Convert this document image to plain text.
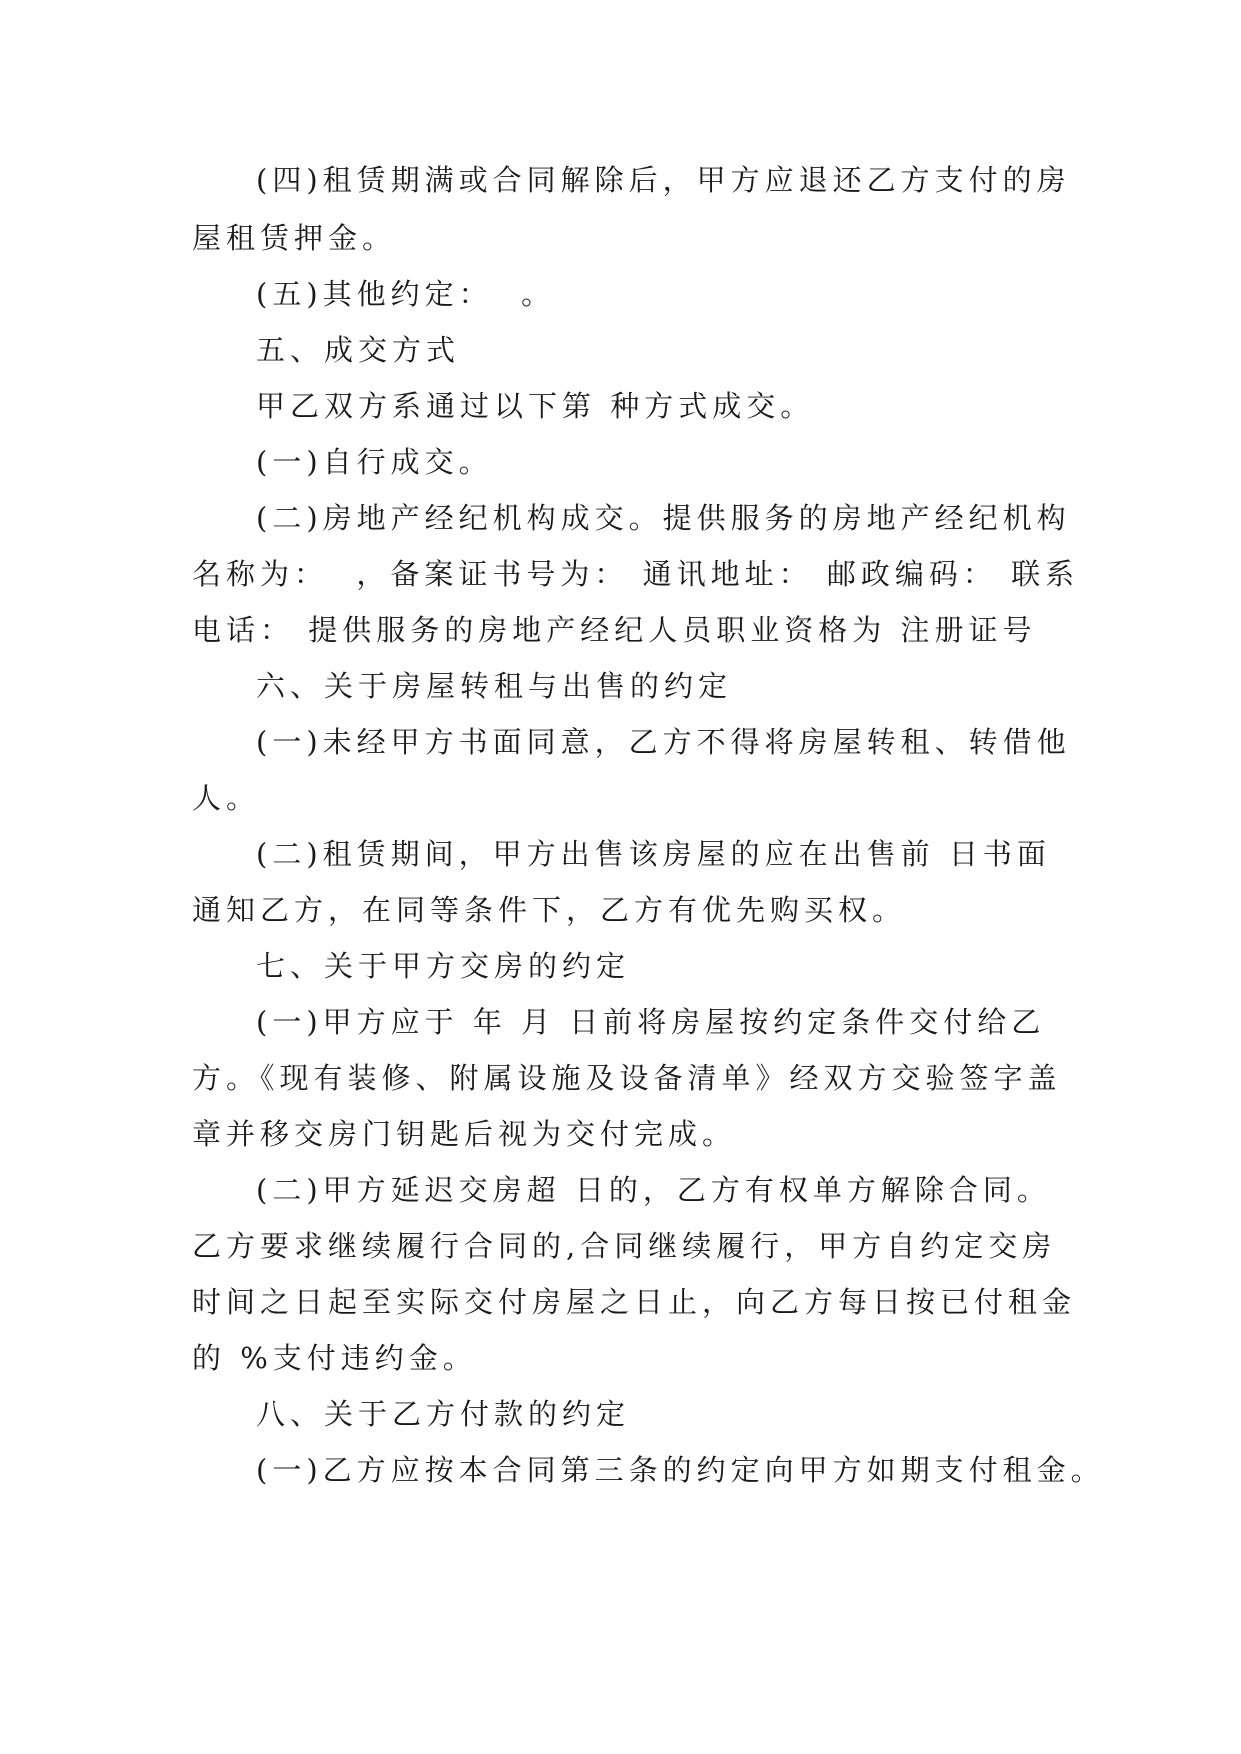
(四)租赁期满或合同解除后，甲方应退还乙方支付的房
屋租赁押金。
(五)其他约定：  。
五、成交方式
甲乙双方系通过以下第 种方式成交。
(一)自行成交。
(二)房地产经纪机构成交。提供服务的房地产经纪机构
名称为：  ，备案证书号为： 通讯地址： 邮政编码： 联系
电话： 提供服务的房地产经纪人员职业资格为 注册证号
六、关于房屋转租与出售的约定
(一)未经甲方书面同意，乙方不得将房屋转租、转借他
人。
(二)租赁期间，甲方出售该房屋的应在出售前 日书面
通知乙方，在同等条件下，乙方有优先购买权。
七、关于甲方交房的约定
(一)甲方应于 年 月 日前将房屋按约定条件交付给乙
方。《现有装修、附属设施及设备清单》经双方交验签字盖
章并移交房门钥匙后视为交付完成。
(二)甲方延迟交房超 日的，乙方有权单方解除合同。
乙方要求继续履行合同的,合同继续履行，甲方自约定交房
时间之日起至实际交付房屋之日止，向乙方每日按已付租金
的 %支付违约金。
八、关于乙方付款的约定
(一)乙方应按本合同第三条的约定向甲方如期支付租金。
